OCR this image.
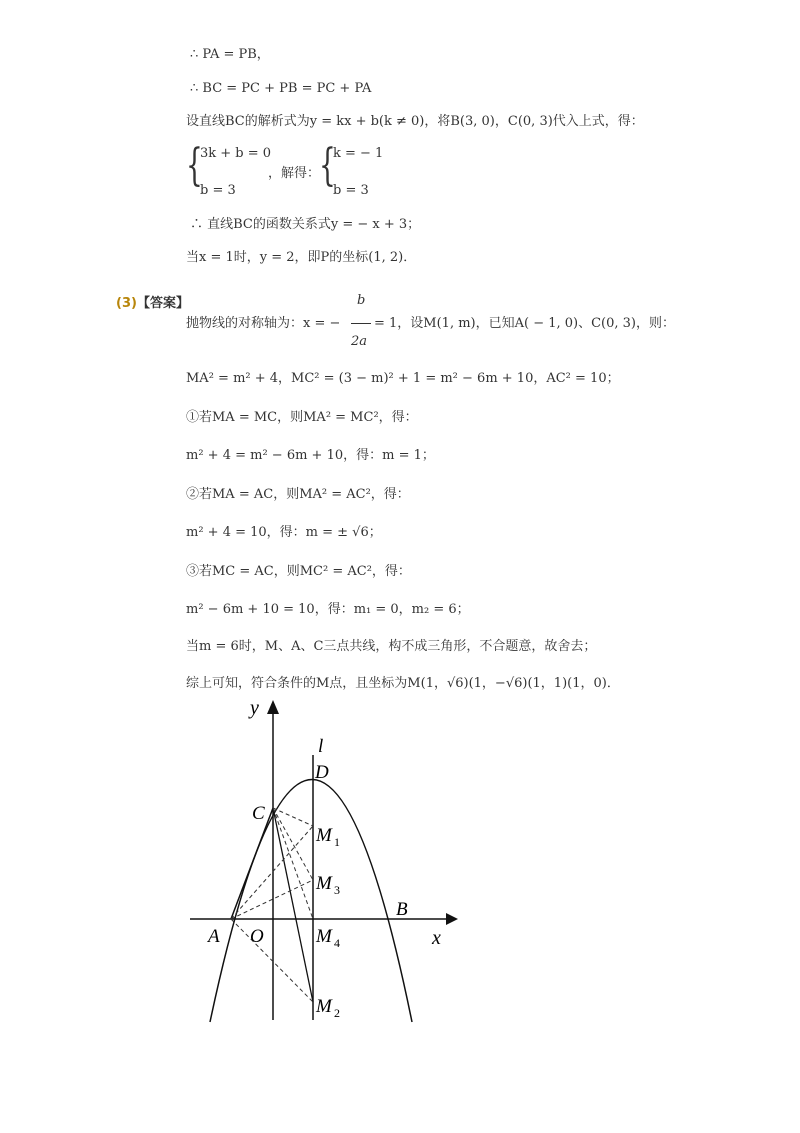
∴ PA = PB，
∴ BC = PC + PB = PC + PA
设直线BC的解析式为y = kx + b(k ≠ 0)，将B(3, 0)，C(0, 3)代入上式，得：
{
3k + b = 0
b = 3
，解得：
{
k = − 1
b = 3
∴ 直线BC的函数关系式y = − x + 3；
当x = 1时，y = 2，即P的坐标(1, 2)．
(3)【答案】	b
2a
抛物线的对称轴为：x = −	= 1，设M(1, m)，已知A( − 1, 0)、C(0, 3)，则：
MA² = m² + 4，MC² = (3 − m)² + 1 = m² − 6m + 10，AC² = 10；
①若MA = MC，则MA² = MC²，得：
m² + 4 = m² − 6m + 10，得：m = 1；
②若MA = AC，则MA² = AC²，得：
m² + 4 = 10，得：m = ± √6；
③若MC = AC，则MC² = AC²，得：
m² − 6m + 10 = 10，得：m₁ = 0，m₂ = 6；
当m = 6时，M、A、C三点共线，构不成三角形，不合题意，故舍去；
综上可知，符合条件的M点，且坐标为M(1，√6)(1，−√6)(1，1)(1，0)．
y
x
l
D
C
B
A O
M 1
M 3
M 4
M 2
